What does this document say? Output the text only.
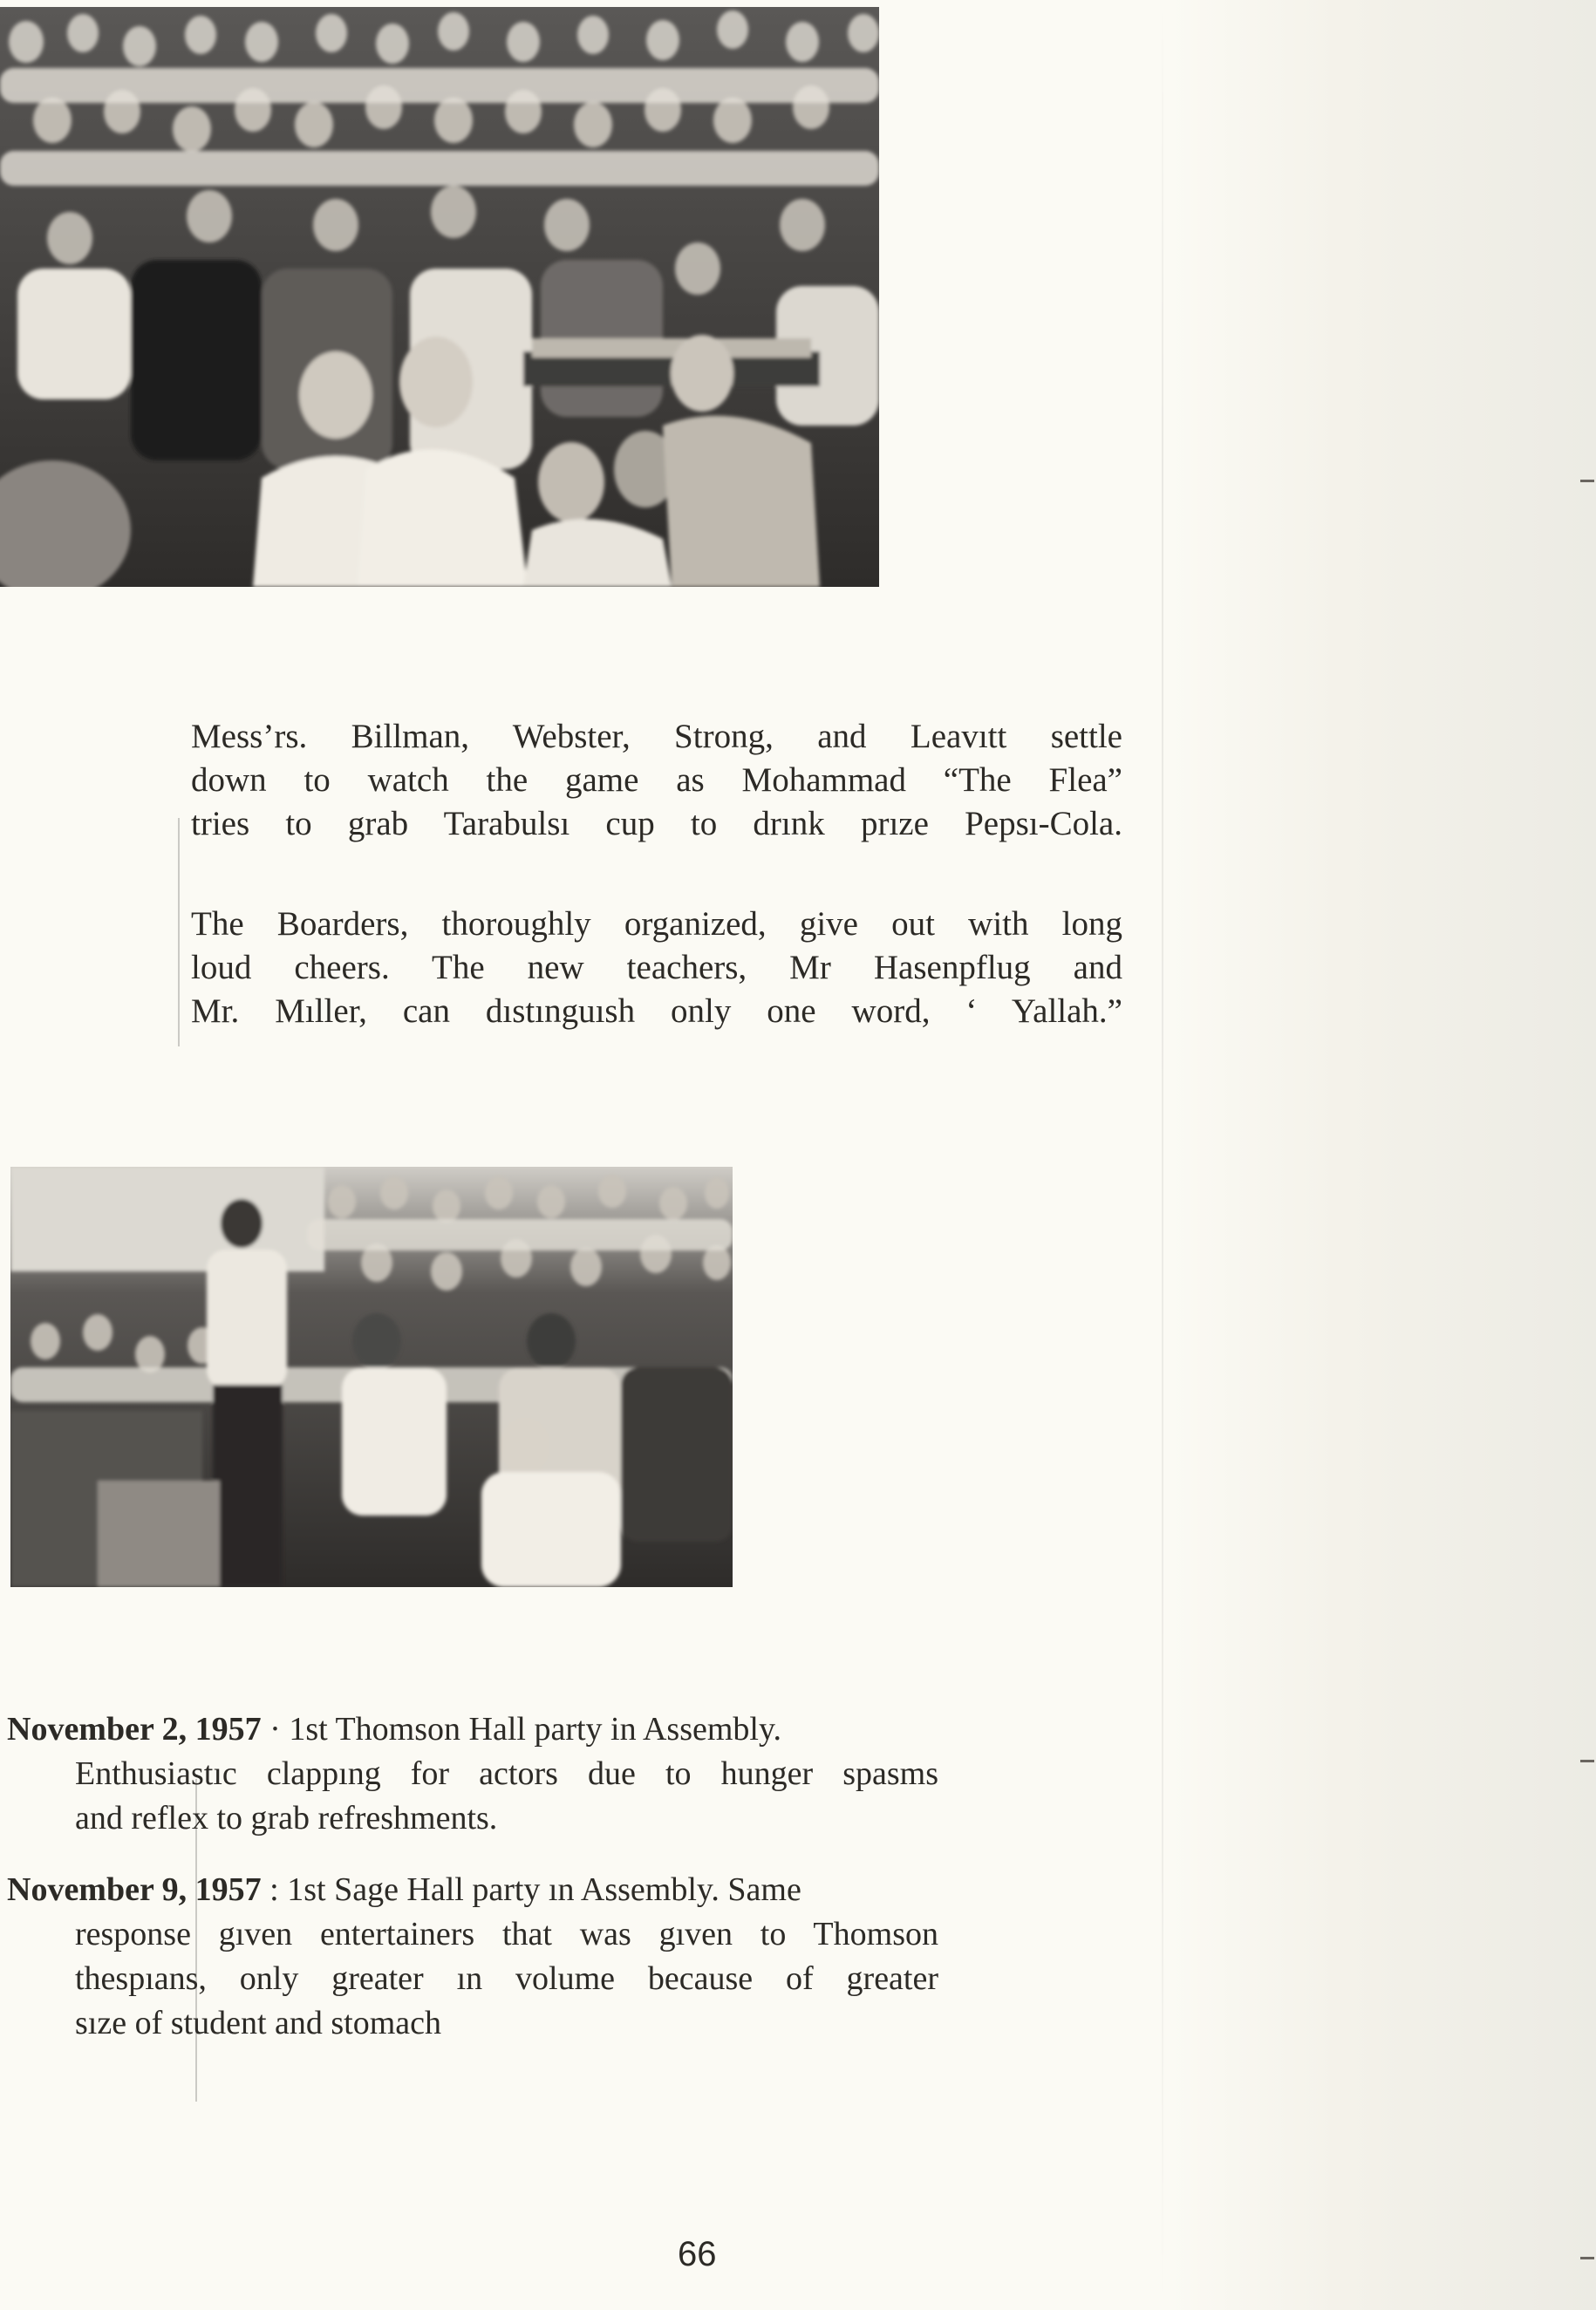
Mess’rs. Billman, Webster, Strong, and Leavıtt settle
down to watch the game as Mohammad “The Flea”
tries to grab Tarabulsı cup to drınk prıze Pepsı-Cola.
The Boarders, thoroughly organized, give out with long
loud cheers. The new teachers, Mr Hasenpflug and
Mr. Mıller, can dıstınguısh only one word, ‘ Yallah.”
November 2, 1957 · 1st Thomson Hall party in Assembly.
Enthusiastıc clappıng for actors due to hunger spasms
and reflex to grab refreshments.
November 9, 1957 : 1st Sage Hall party ın Assembly. Same
response gıven entertainers that was gıven to Thomson
thespıans, only greater ın volume because of greater
sıze of student and stomach
66
